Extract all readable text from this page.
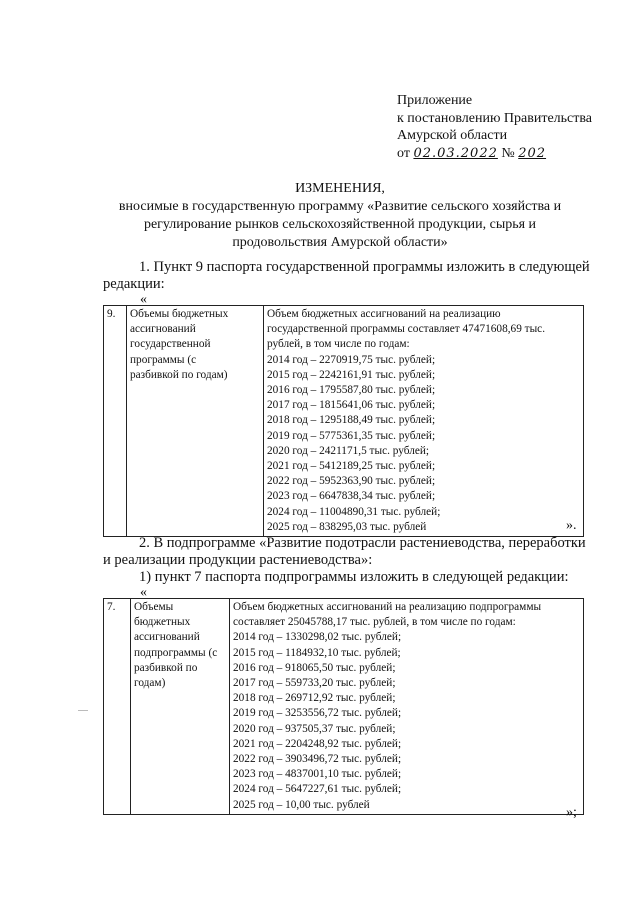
Приложение
к постановлению Правительства
Амурской области
от 02.03.2022 № 202
ИЗМЕНЕНИЯ,
вносимые в государственную программу «Развитие сельского хозяйства и
регулирование рынков сельскохозяйственной продукции, сырья и
продовольствия Амурской области»
1. Пункт 9 паспорта государственной программы изложить в следующей
редакции:
«
9.	Объемы бюджетных
ассигнований
государственной
программы (с
разбивкой по годам)

Объем бюджетных ассигнований на реализацию
государственной программы составляет 47471608,69 тыс.
рублей, в том числе по годам:
2014 год – 2270919,75 тыс. рублей;
2015 год – 2242161,91 тыс. рублей;
2016 год – 1795587,80 тыс. рублей;
2017 год – 1815641,06 тыс. рублей;
2018 год – 1295188,49 тыс. рублей;
2019 год – 5775361,35 тыс. рублей;
2020 год – 2421171,5 тыс. рублей;
2021 год – 5412189,25 тыс. рублей;
2022 год – 5952363,90 тыс. рублей;
2023 год – 6647838,34 тыс. рублей;
2024 год – 11004890,31 тыс. рублей;
2025 год – 838295,03 тыс. рублей	».
2. В подпрограмме «Развитие подотрасли растениеводства, переработки
и реализации продукции растениеводства»:
1) пункт 7 паспорта подпрограммы изложить в следующей редакции:
«
7.	Объемы
бюджетных
ассигнований
подпрограммы (с
разбивкой по
годам)

Объем бюджетных ассигнований на реализацию подпрограммы
составляет 25045788,17 тыс. рублей, в том числе по годам:
2014 год – 1330298,02 тыс. рублей;
2015 год – 1184932,10 тыс. рублей;
2016 год – 918065,50 тыс. рублей;
2017 год – 559733,20 тыс. рублей;
2018 год – 269712,92 тыс. рублей;
2019 год – 3253556,72 тыс. рублей;
2020 год – 937505,37 тыс. рублей;
2021 год – 2204248,92 тыс. рублей;
2022 год – 3903496,72 тыс. рублей;
2023 год – 4837001,10 тыс. рублей;
2024 год – 5647227,61 тыс. рублей;
2025 год – 10,00 тыс. рублей
»;
